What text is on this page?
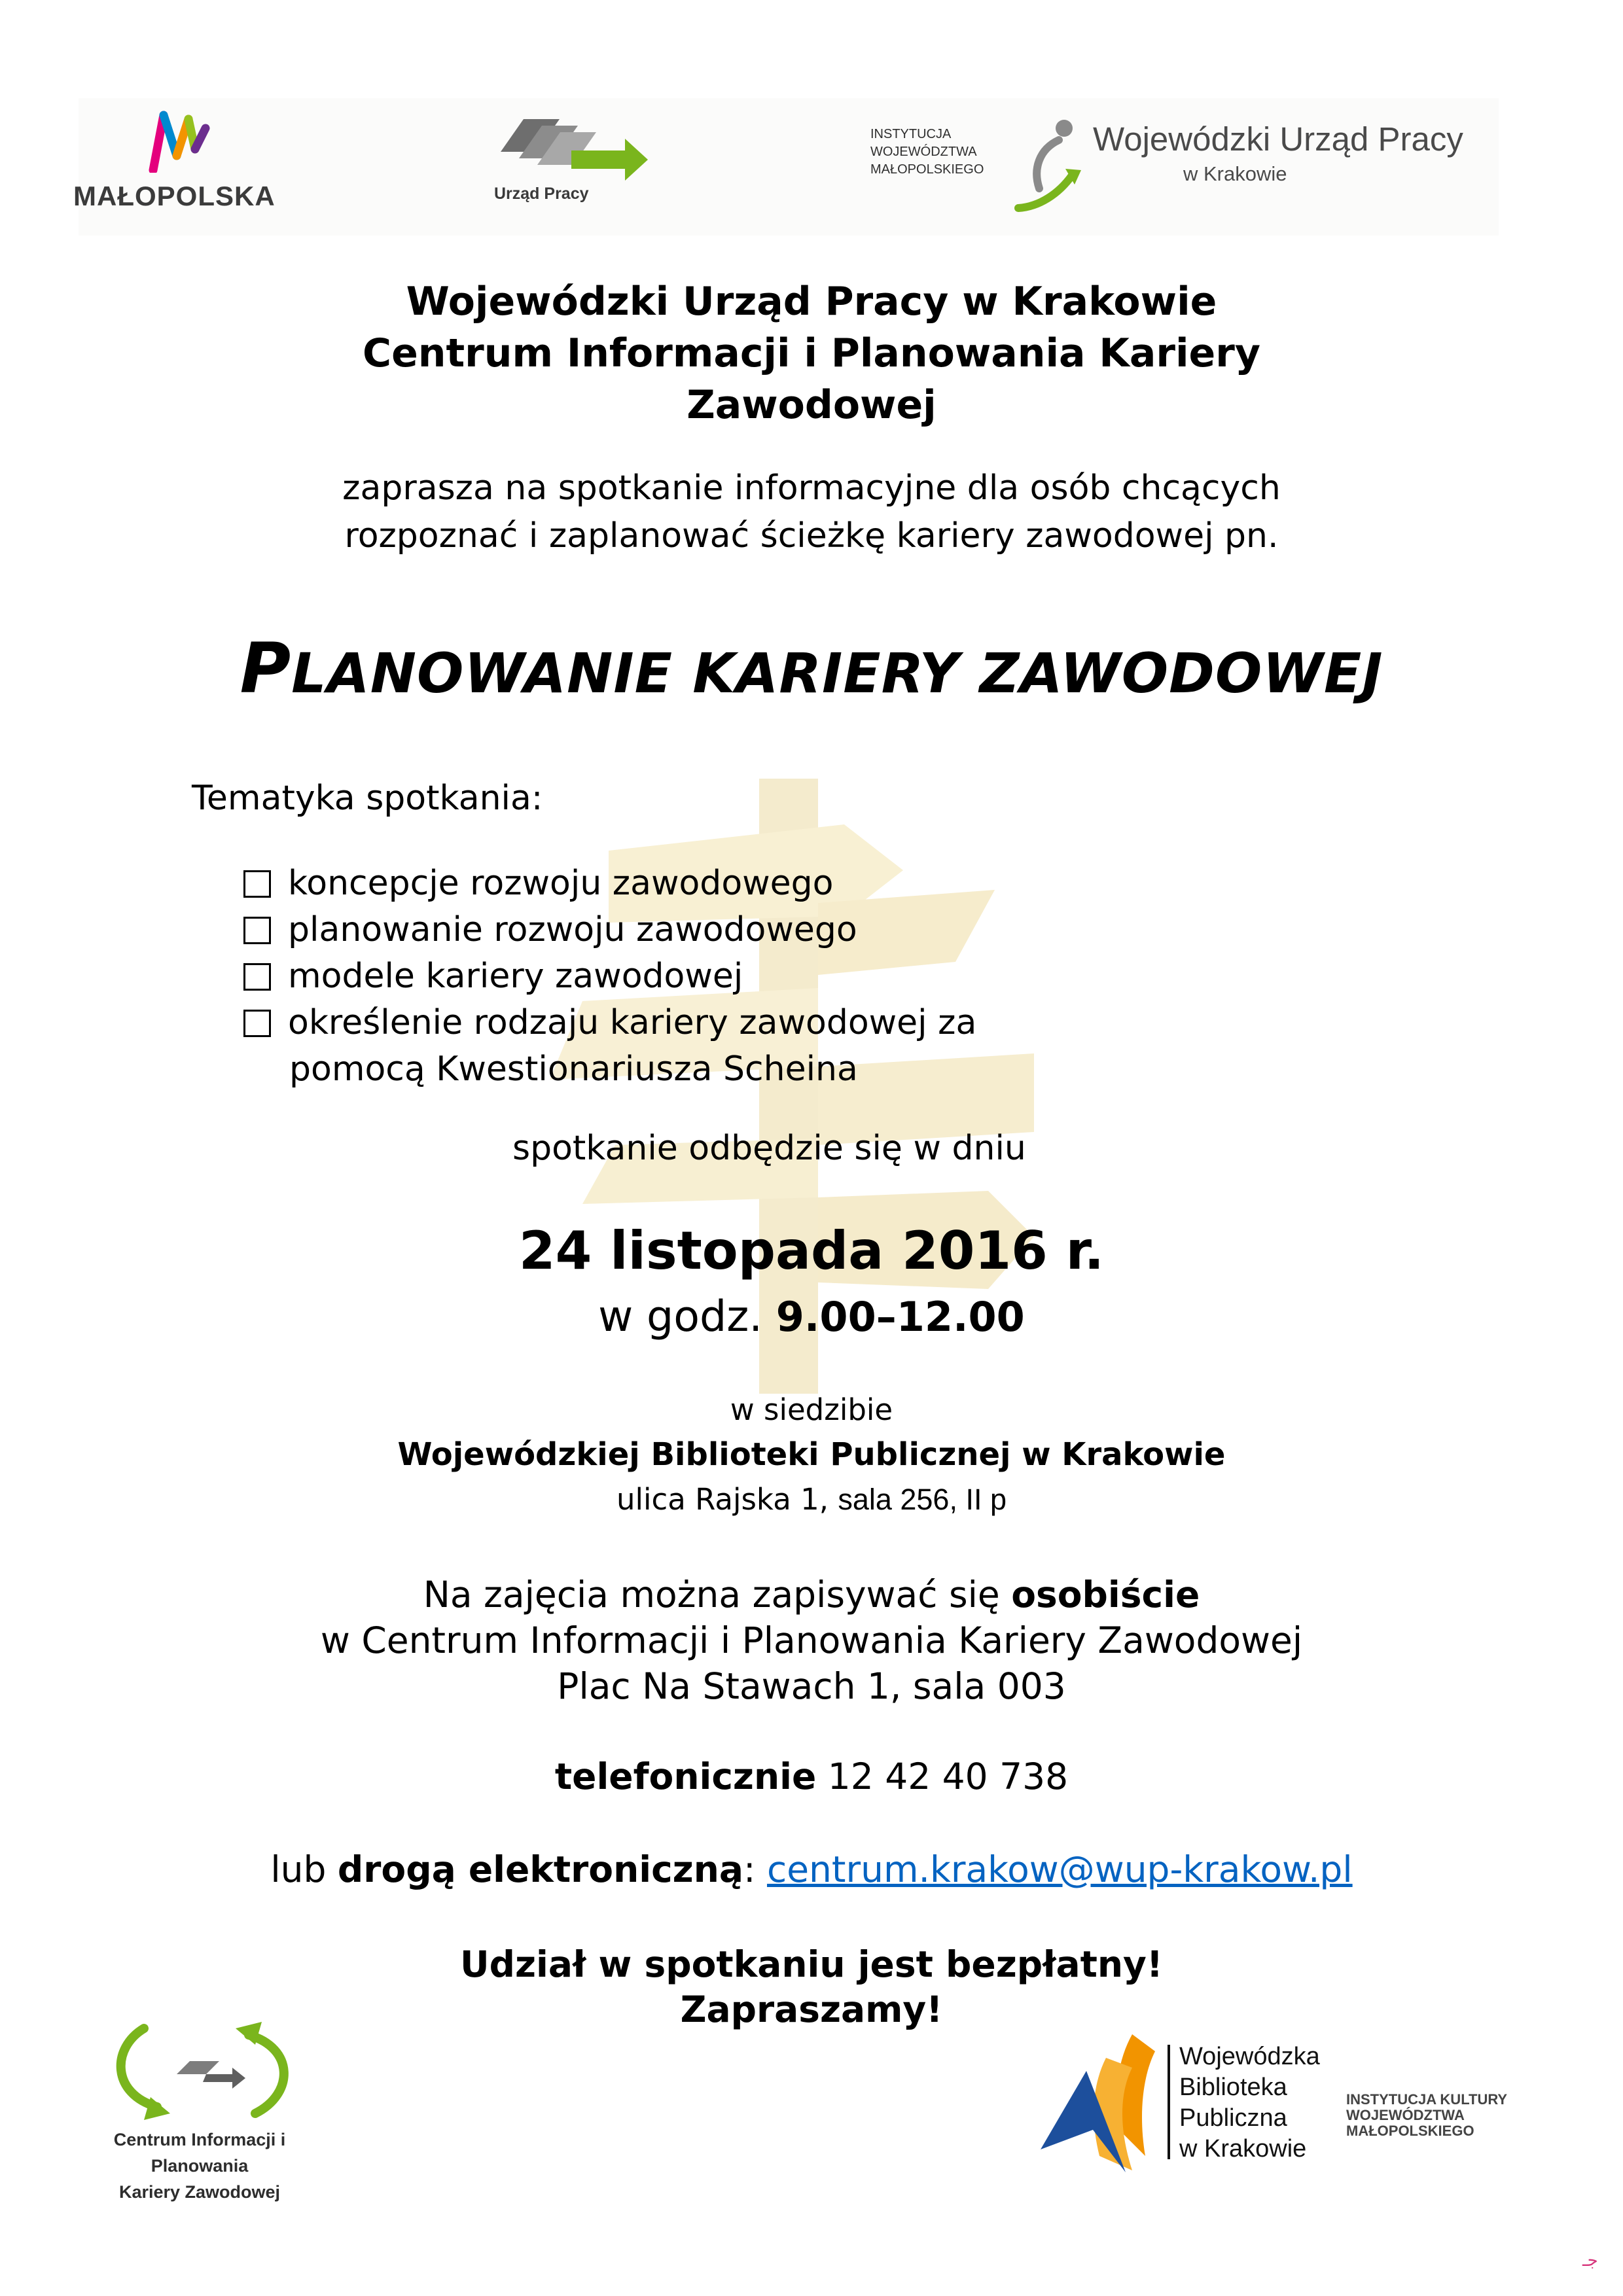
MAŁOPOLSKA	Urząd Pracy
INSTYTUCJA
WOJEWÓDZTWA
MAŁOPOLSKIEGO
Wojewódzki Urząd Pracy
w Krakowie
Wojewódzki Urząd Pracy w Krakowie
Centrum Informacji i Planowania Kariery
Zawodowej
zaprasza na spotkanie informacyjne dla osób chcących
rozpoznać i zaplanować ścieżkę kariery zawodowej pn.
PLANOWANIE KARIERY ZAWODOWEJ
Tematyka spotkania:
koncepcje rozwoju zawodowego
planowanie rozwoju zawodowego
modele kariery zawodowej
określenie rodzaju kariery zawodowej za
pomocą Kwestionariusza Scheina
spotkanie odbędzie się w dniu
24 listopada 2016 r.
w godz. 9.00–12.00
w siedzibie
Wojewódzkiej Biblioteki Publicznej w Krakowie
ulica Rajska 1, sala 256, II p
Na zajęcia można zapisywać się osobiście
w Centrum Informacji i Planowania Kariery Zawodowej
Plac Na Stawach 1, sala 003
telefonicznie 12 42 40 738
lub drogą elektroniczną: centrum.krakow@wup-krakow.pl
Udział w spotkaniu jest bezpłatny!
Zapraszamy!
Centrum Informacji i Planowania
Kariery Zawodowej
Wojewódzka
Biblioteka
Publiczna
w Krakowie
INSTYTUCJA KULTURY
WOJEWÓDZTWA
MAŁOPOLSKIEGO
جـ
